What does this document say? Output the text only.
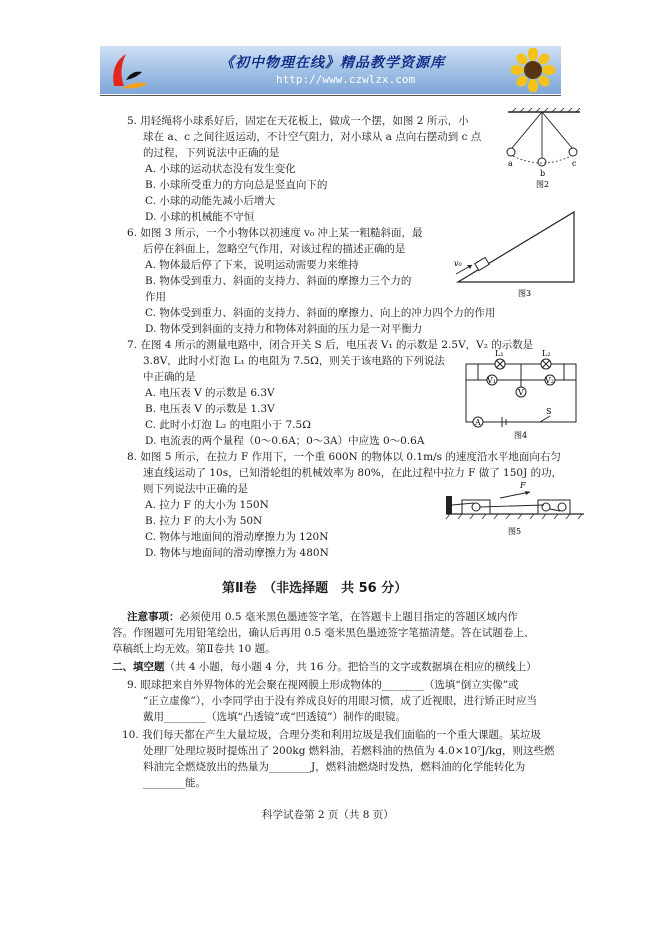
《初中物理在线》精品教学资源库
http://www.czwlzx.com
5. 用轻绳将小球系好后，固定在天花板上，做成一个摆，如图 2 所示，小
球在 a、c 之间往返运动，不计空气阻力，对小球从 a 点向右摆动到 c 点
的过程，下列说法中正确的是
A. 小球的运动状态没有发生变化
B. 小球所受重力的方向总是竖直向下的
C. 小球的动能先减小后增大
D. 小球的机械能不守恒
a
b
c
图2
6. 如图 3 所示，一个小物体以初速度 v₀ 冲上某一粗糙斜面，最
后停在斜面上，忽略空气作用，对该过程的描述正确的是
A. 物体最后停了下来，说明运动需要力来维持
B. 物体受到重力、斜面的支持力、斜面的摩擦力三个力的
作用
C. 物体受到重力、斜面的支持力、斜面的摩擦力、向上的冲力四个力的作用
D. 物体受到斜面的支持力和物体对斜面的压力是一对平衡力
v₀
图3
7. 在图 4 所示的测量电路中，闭合开关 S 后，电压表 V₁ 的示数是 2.5V，V₂ 的示数是
3.8V，此时小灯泡 L₁ 的电阻为 7.5Ω，则关于该电路的下列说法
中正确的是
A. 电压表 V 的示数是 6.3V
B. 电压表 V 的示数是 1.3V
C. 此时小灯泡 L₂ 的电阻小于 7.5Ω
D. 电流表的两个量程（0～0.6A；0～3A）中应选 0～0.6A
L₁	L₂
V₁
V
V₂
A
S
图4
8. 如图 5 所示，在拉力 F 作用下，一个重 600N 的物体以 0.1m/s 的速度沿水平地面向右匀
速直线运动了 10s，已知滑轮组的机械效率为 80%，在此过程中拉力 F 做了 150J 的功，
则下列说法中正确的是
A. 拉力 F 的大小为 150N
B. 拉力 F 的大小为 50N
C. 物体与地面间的滑动摩擦力为 120N
D. 物体与地面间的滑动摩擦力为 480N
F
图5
第Ⅱ卷　（非选择题　共 56 分）
注意事项：必须使用 0.5 毫米黑色墨迹签字笔，在答题卡上题目指定的答题区域内作
答。作图题可先用铅笔绘出，确认后再用 0.5 毫米黑色墨迹签字笔描清楚。答在试题卷上、
草稿纸上均无效。第Ⅱ卷共 10 题。
二、填空题（共 4 小题，每小题 4 分，共 16 分。把恰当的文字或数据填在相应的横线上）
9. 眼球把来自外界物体的光会聚在视网膜上形成物体的________（选填“倒立实像”或
“正立虚像”），小李同学由于没有养成良好的用眼习惯，成了近视眼，进行矫正时应当
戴用________（选填“凸透镜”或“凹透镜”）制作的眼镜。
10. 我们每天都在产生大量垃圾，合理分类和利用垃圾是我们面临的一个重大课题。某垃圾
处理厂处理垃圾时提炼出了 200kg 燃料油，若燃料油的热值为 4.0×10⁷J/kg，则这些燃
料油完全燃烧放出的热量为________J，燃料油燃烧时发热，燃料油的化学能转化为
________能。
科学试卷第 2 页（共 8 页）
